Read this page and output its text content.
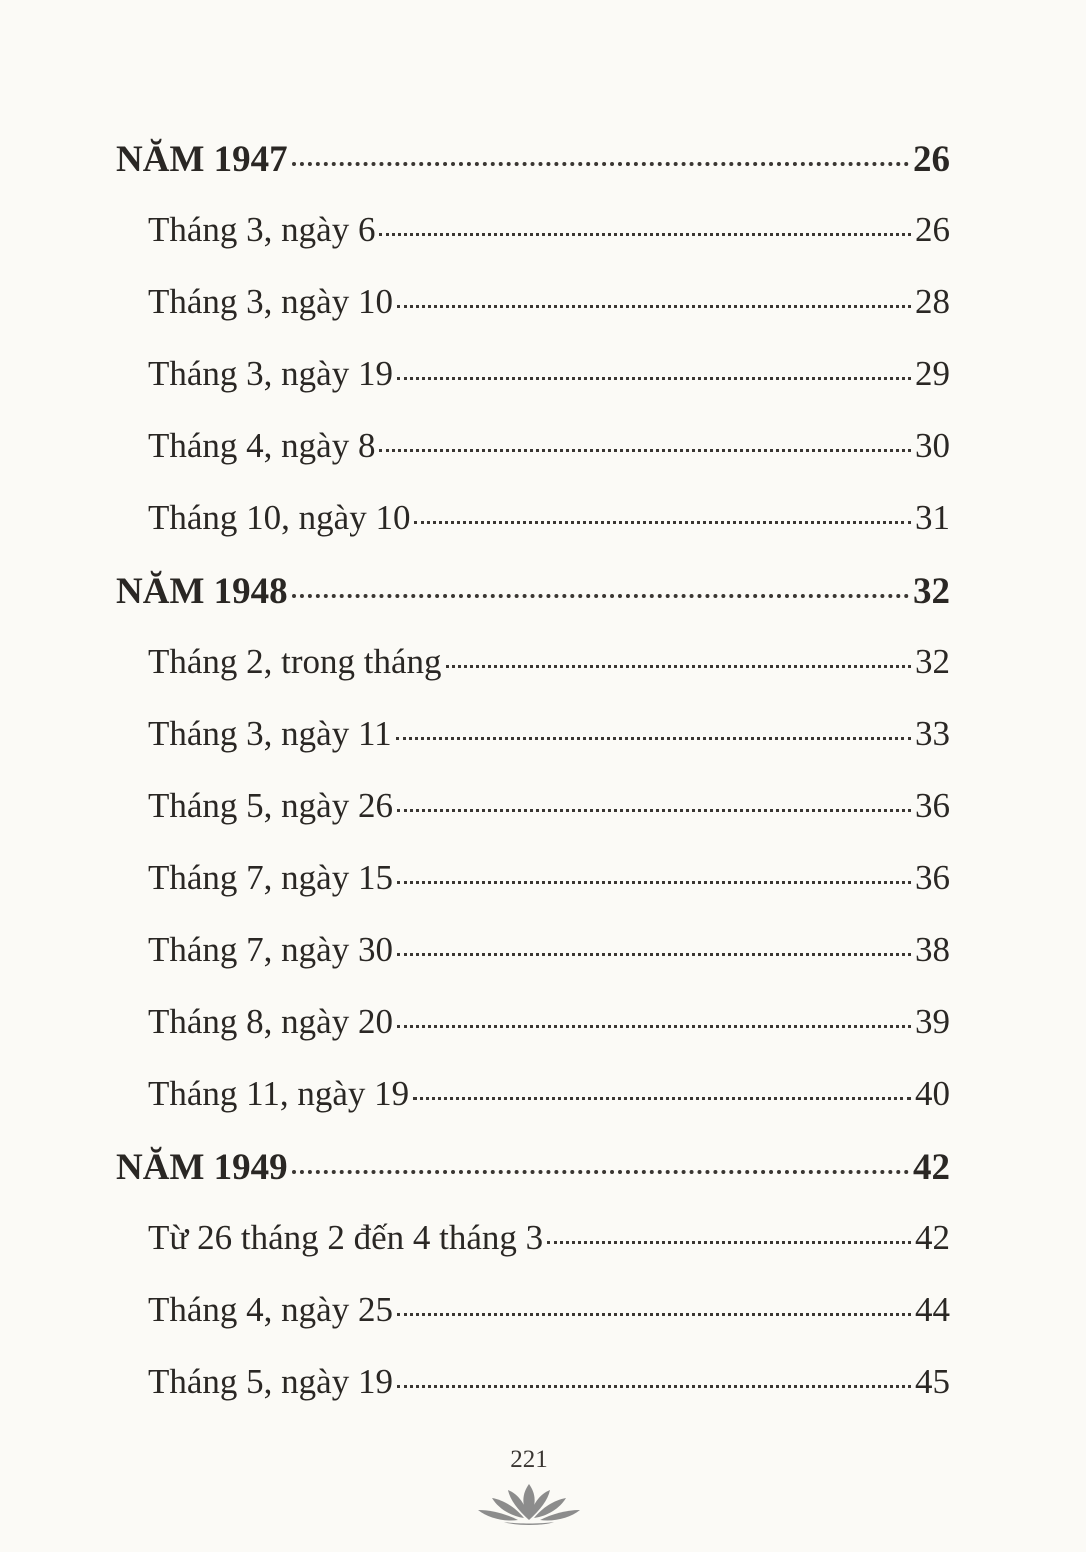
NĂM 1947	26
Tháng 3, ngày 6	26
Tháng 3, ngày 10	28
Tháng 3, ngày 19	29
Tháng 4, ngày 8	30
Tháng 10, ngày 10	31
NĂM 1948	32
Tháng 2, trong tháng	32
Tháng 3, ngày 11	33
Tháng 5, ngày 26	36
Tháng 7, ngày 15	36
Tháng 7, ngày 30	38
Tháng 8, ngày 20	39
Tháng 11, ngày 19	40
NĂM 1949	42
Từ 26 tháng 2 đến 4 tháng 3	42
Tháng 4, ngày 25	44
Tháng 5, ngày 19	45
221
